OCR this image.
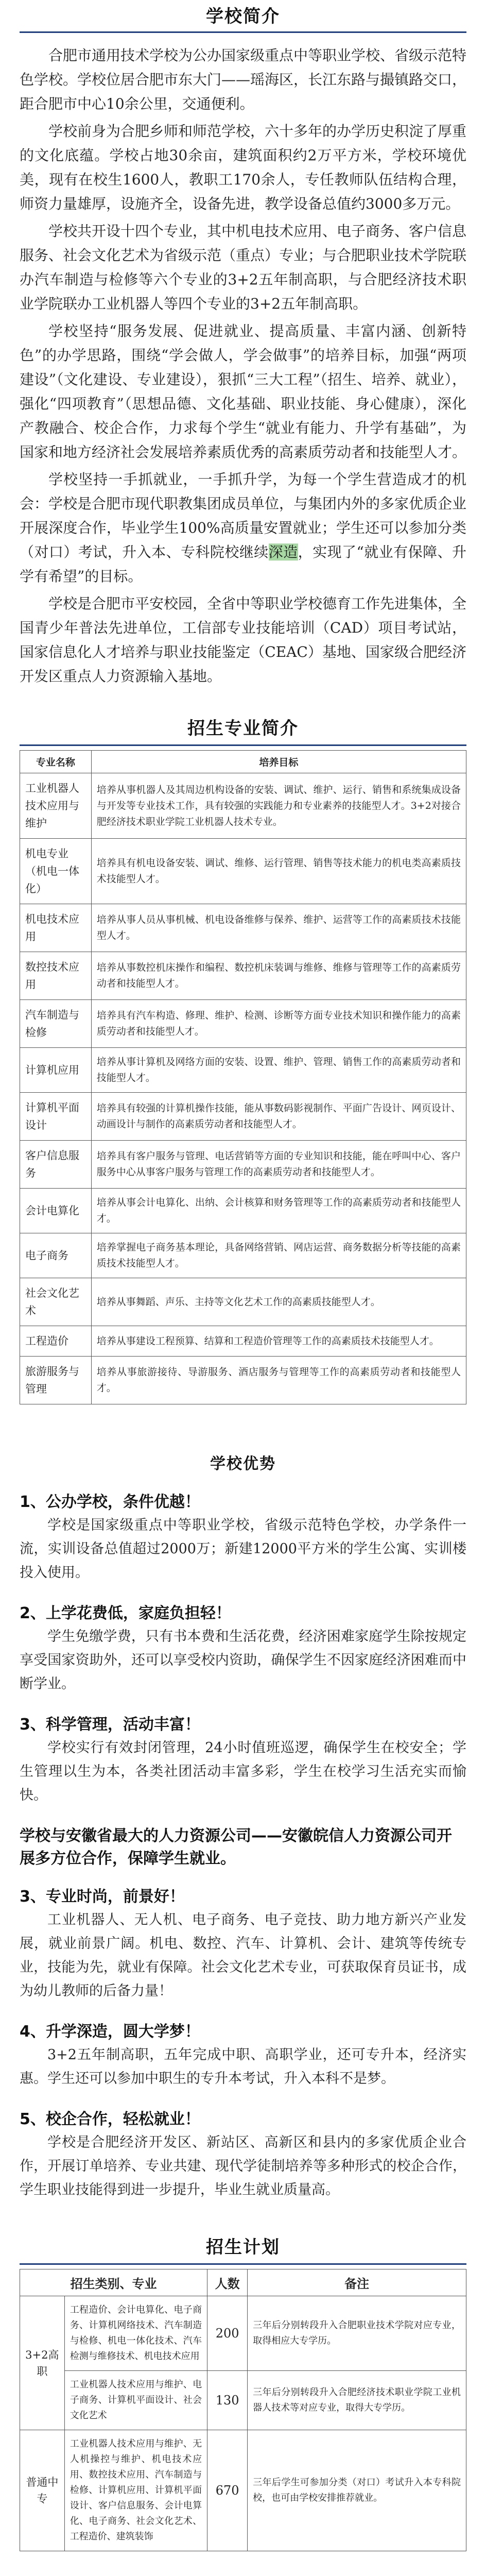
学校简介

合肥市通用技术学校为公办国家级重点中等职业学校、省级示范特色学校。学校位居合肥市东大门——瑶海区，长江东路与撮镇路交口，距合肥市中心10余公里，交通便利。

学校前身为合肥乡师和师范学校，六十多年的办学历史积淀了厚重的文化底蕴。学校占地30余亩，建筑面积约2万平方米，学校环境优美，现有在校生1600人，教职工170余人，专任教师队伍结构合理，师资力量雄厚，设施齐全，设备先进，教学设备总值约3000多万元。

学校共开设十四个专业，其中机电技术应用、电子商务、客户信息服务、社会文化艺术为省级示范（重点）专业；与合肥职业技术学院联办汽车制造与检修等六个专业的3+2五年制高职，与合肥经济技术职业学院联办工业机器人等四个专业的3+2五年制高职。

学校坚持“服务发展、促进就业、提高质量、丰富内涵、创新特色”的办学思路，围绕“学会做人，学会做事”的培养目标，加强“两项建设”（文化建设、专业建设），狠抓“三大工程”（招生、培养、就业），强化“四项教育”（思想品德、文化基础、职业技能、身心健康），深化产教融合、校企合作，力求每个学生“就业有能力、升学有基础”，为国家和地方经济社会发展培养素质优秀的高素质劳动者和技能型人才。

学校坚持一手抓就业，一手抓升学，为每一个学生营造成才的机会：学校是合肥市现代职教集团成员单位，与集团内外的多家优质企业开展深度合作，毕业学生100%高质量安置就业；学生还可以参加分类（对口）考试，升入本、专科院校继续深造，实现了“就业有保障、升学有希望”的目标。

学校是合肥市平安校园，全省中等职业学校德育工作先进集体，全国青少年普法先进单位，工信部专业技能培训（CAD）项目考试站，国家信息化人才培养与职业技能鉴定（CEAC）基地、国家级合肥经济开发区重点人力资源输入基地。

招生专业简介
专业名称	培养目标
工业机器人技术应用与维护	培养从事机器人及其周边机构设备的安装、调试、维护、运行、销售和系统集成设备与开发等专业技术工作，具有较强的实践能力和专业素养的技能型人才。3+2对接合肥经济技术职业学院工业机器人技术专业。
机电专业（机电一体化）	培养具有机电设备安装、调试、维修、运行管理、销售等技术能力的机电类高素质技术技能型人才。
机电技术应用	培养从事人员从事机械、机电设备维修与保养、维护、运营等工作的高素质技术技能型人才。
数控技术应用	培养从事数控机床操作和编程、数控机床装调与维修、维修与管理等工作的高素质劳动者和技能型人才。
汽车制造与检修	培养具有汽车构造、修理、维护、检测、诊断等方面专业技术知识和操作能力的高素质劳动者和技能型人才。
计算机应用	培养从事计算机及网络方面的安装、设置、维护、管理、销售工作的高素质劳动者和技能型人才。
计算机平面设计	培养具有较强的计算机操作技能，能从事数码影视制作、平面广告设计、网页设计、动画设计与制作的高素质劳动者和技能型人才。
客户信息服务	培养具有客户服务与管理、电话营销等方面的专业知识和技能，能在呼叫中心、客户服务中心从事客户服务与管理工作的高素质劳动者和技能型人才。
会计电算化	培养从事会计电算化、出纳、会计核算和财务管理等工作的高素质劳动者和技能型人才。
电子商务	培养掌握电子商务基本理论，具备网络营销、网店运营、商务数据分析等技能的高素质技术技能型人才。
社会文化艺术	培养从事舞蹈、声乐、主持等文化艺术工作的高素质技能型人才。
工程造价	培养从事建设工程预算、结算和工程造价管理等工作的高素质技术技能型人才。
旅游服务与管理	培养从事旅游接待、导游服务、酒店服务与管理等工作的高素质劳动者和技能型人才。
学校优势
1、公办学校，条件优越！

学校是国家级重点中等职业学校，省级示范特色学校，办学条件一流，实训设备总值超过2000万；新建12000平方米的学生公寓、实训楼投入使用。

2、上学花费低，家庭负担轻！

学生免缴学费，只有书本费和生活花费，经济困难家庭学生除按规定享受国家资助外，还可以享受校内资助，确保学生不因家庭经济困难而中断学业。

3、科学管理，活动丰富！

学校实行有效封闭管理，24小时值班巡逻，确保学生在校安全；学生管理以生为本，各类社团活动丰富多彩，学生在校学习生活充实而愉快。

学校与安徽省最大的人力资源公司——安徽皖信人力资源公司开展多方位合作，保障学生就业。
3、专业时尚，前景好！

工业机器人、无人机、电子商务、电子竞技、助力地方新兴产业发展，就业前景广阔。机电、数控、汽车、计算机、会计、建筑等传统专业，技能为先，就业有保障。社会文化艺术专业，可获取保育员证书，成为幼儿教师的后备力量！

4、升学深造，圆大学梦！

3+2五年制高职，五年完成中职、高职学业，还可专升本，经济实惠。学生还可以参加中职生的专升本考试，升入本科不是梦。

5、校企合作，轻松就业！

学校是合肥经济开发区、新站区、高新区和县内的多家优质企业合作，开展订单培养、专业共建、现代学徒制培养等多种形式的校企合作，学生职业技能得到进一步提升，毕业生就业质量高。

招生计划
招生类别、专业		人数	备注
3+2高职	工程造价、会计电算化、电子商务、计算机网络技术、汽车制造与检修、机电一体化技术、汽车检测与维修技术、机电技术应用	200	三年后分别转段升入合肥职业技术学院对应专业，取得相应大专学历。
	工业机器人技术应用与维护、电子商务、计算机平面设计、社会文化艺术	130	三年后分别转段升入合肥经济技术职业学院工业机器人技术等对应专业，取得大专学历。
普通中专	工业机器人技术应用与维护、无人机操控与维护、机电技术应用、数控技术应用、汽车制造与检修、计算机应用、计算机平面设计、客户信息服务、会计电算化、电子商务、社会文化艺术、工程造价、建筑装饰	670	三年后学生可参加分类（对口）考试升入本专科院校，也可由学校安排推荐就业。
